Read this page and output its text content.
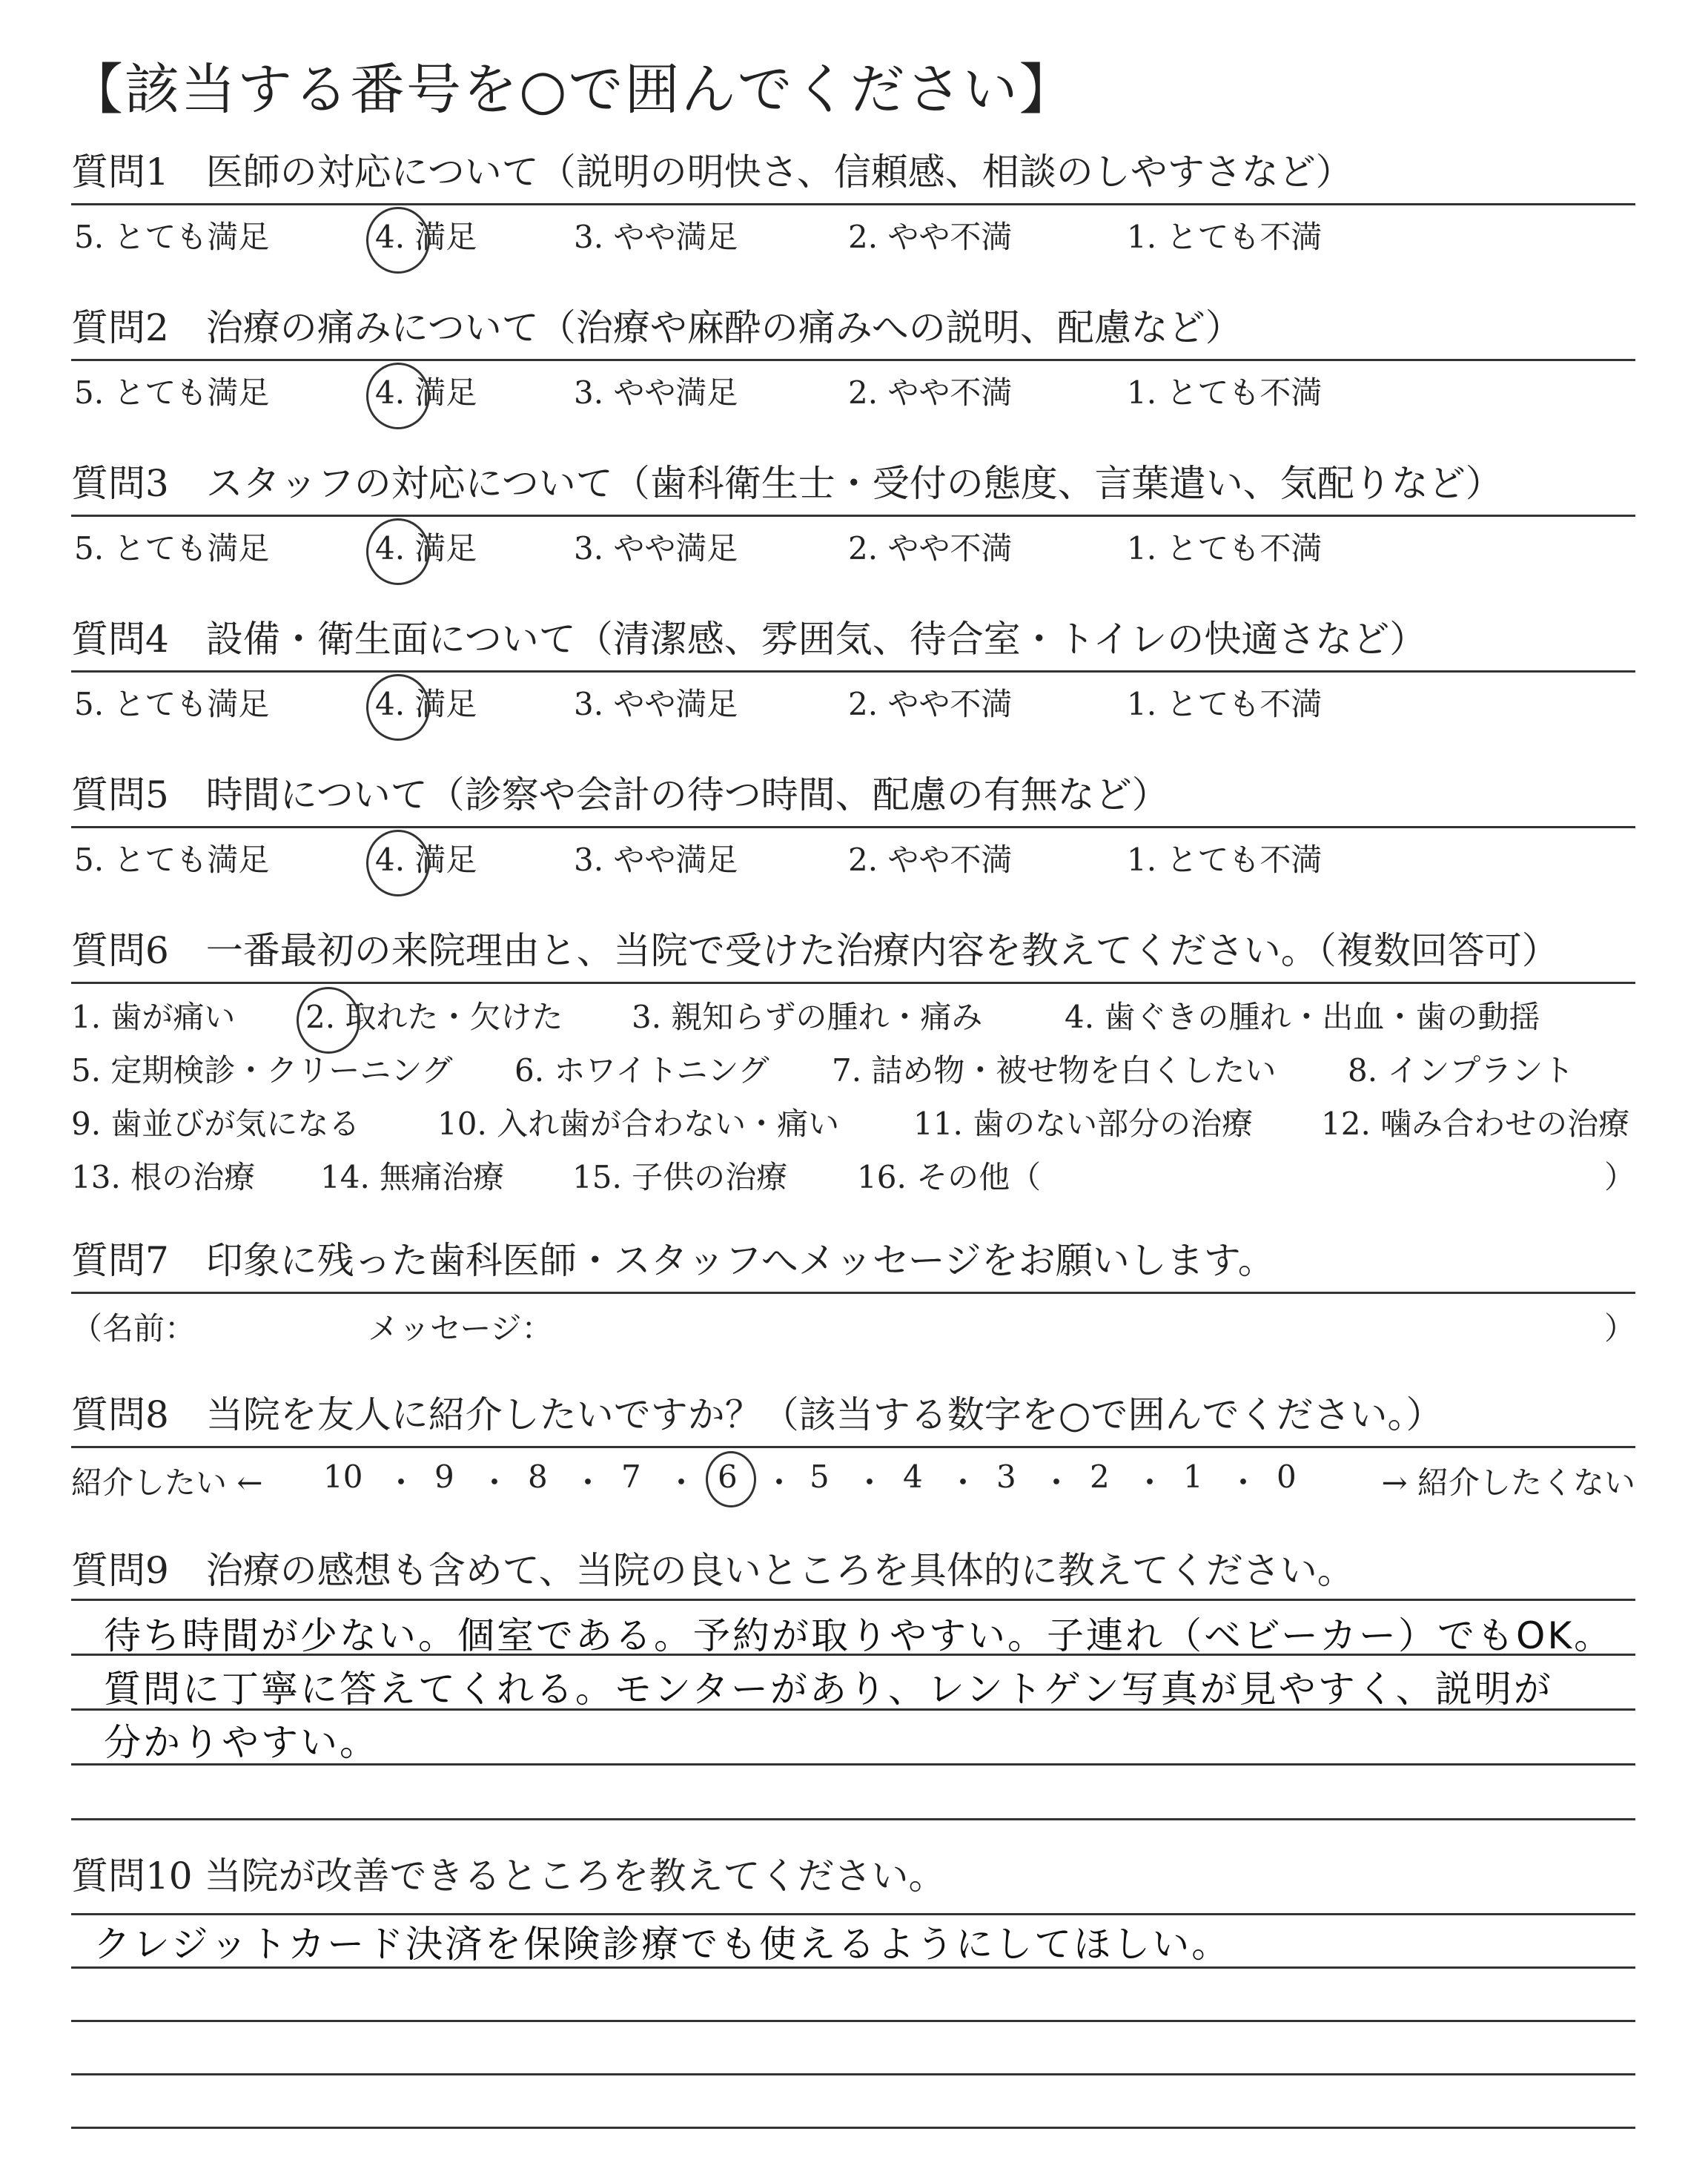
【該当する番号を○で囲んでください】
質問1　医師の対応について（説明の明快さ、信頼感、相談のしやすさなど）
5. とても満足	4. 満足	3. やや満足	2. やや不満	1. とても不満
質問2　治療の痛みについて（治療や麻酔の痛みへの説明、配慮など）
5. とても満足	4. 満足	3. やや満足	2. やや不満	1. とても不満
質問3　スタッフの対応について（歯科衛生士・受付の態度、言葉遣い、気配りなど）
5. とても満足	4. 満足	3. やや満足	2. やや不満	1. とても不満
質問4　設備・衛生面について（清潔感、雰囲気、待合室・トイレの快適さなど）
5. とても満足	4. 満足	3. やや満足	2. やや不満	1. とても不満
質問5　時間について（診察や会計の待つ時間、配慮の有無など）
5. とても満足	4. 満足	3. やや満足	2. やや不満	1. とても不満
質問6　一番最初の来院理由と、当院で受けた治療内容を教えてください。（複数回答可）
1. 歯が痛い 2. 取れた・欠けた 3. 親知らずの腫れ・痛み	4. 歯ぐきの腫れ・出血・歯の動揺
5. 定期検診・クリーニング 6. ホワイトニング 7. 詰め物・被せ物を白くしたい 8. インプラント
9. 歯並びが気になる 10. 入れ歯が合わない・痛い 11. 歯のない部分の治療 12. 噛み合わせの治療
13. 根の治療 14. 無痛治療 15. 子供の治療 16. その他（	）
質問7　印象に残った歯科医師・スタッフへメッセージをお願いします。
（名前：	メッセージ：	）
質問8　当院を友人に紹介したいですか？（該当する数字を○で囲んでください。）
紹介したい ← 10 ・ 9 ・ 8 ・ 7 ・ 6 ・ 5 ・ 4 ・ 3 ・ 2 ・ 1 ・ 0	→ 紹介したくない
質問9　治療の感想も含めて、当院の良いところを具体的に教えてください。
待ち時間が少ない。個室である。予約が取りやすい。子連れ（ベビーカー）でもOK。
質問に丁寧に答えてくれる。モンターがあり、レントゲン写真が見やすく、説明が
分かりやすい。
質問10 当院が改善できるところを教えてください。
クレジットカード決済を保険診療でも使えるようにしてほしい。
